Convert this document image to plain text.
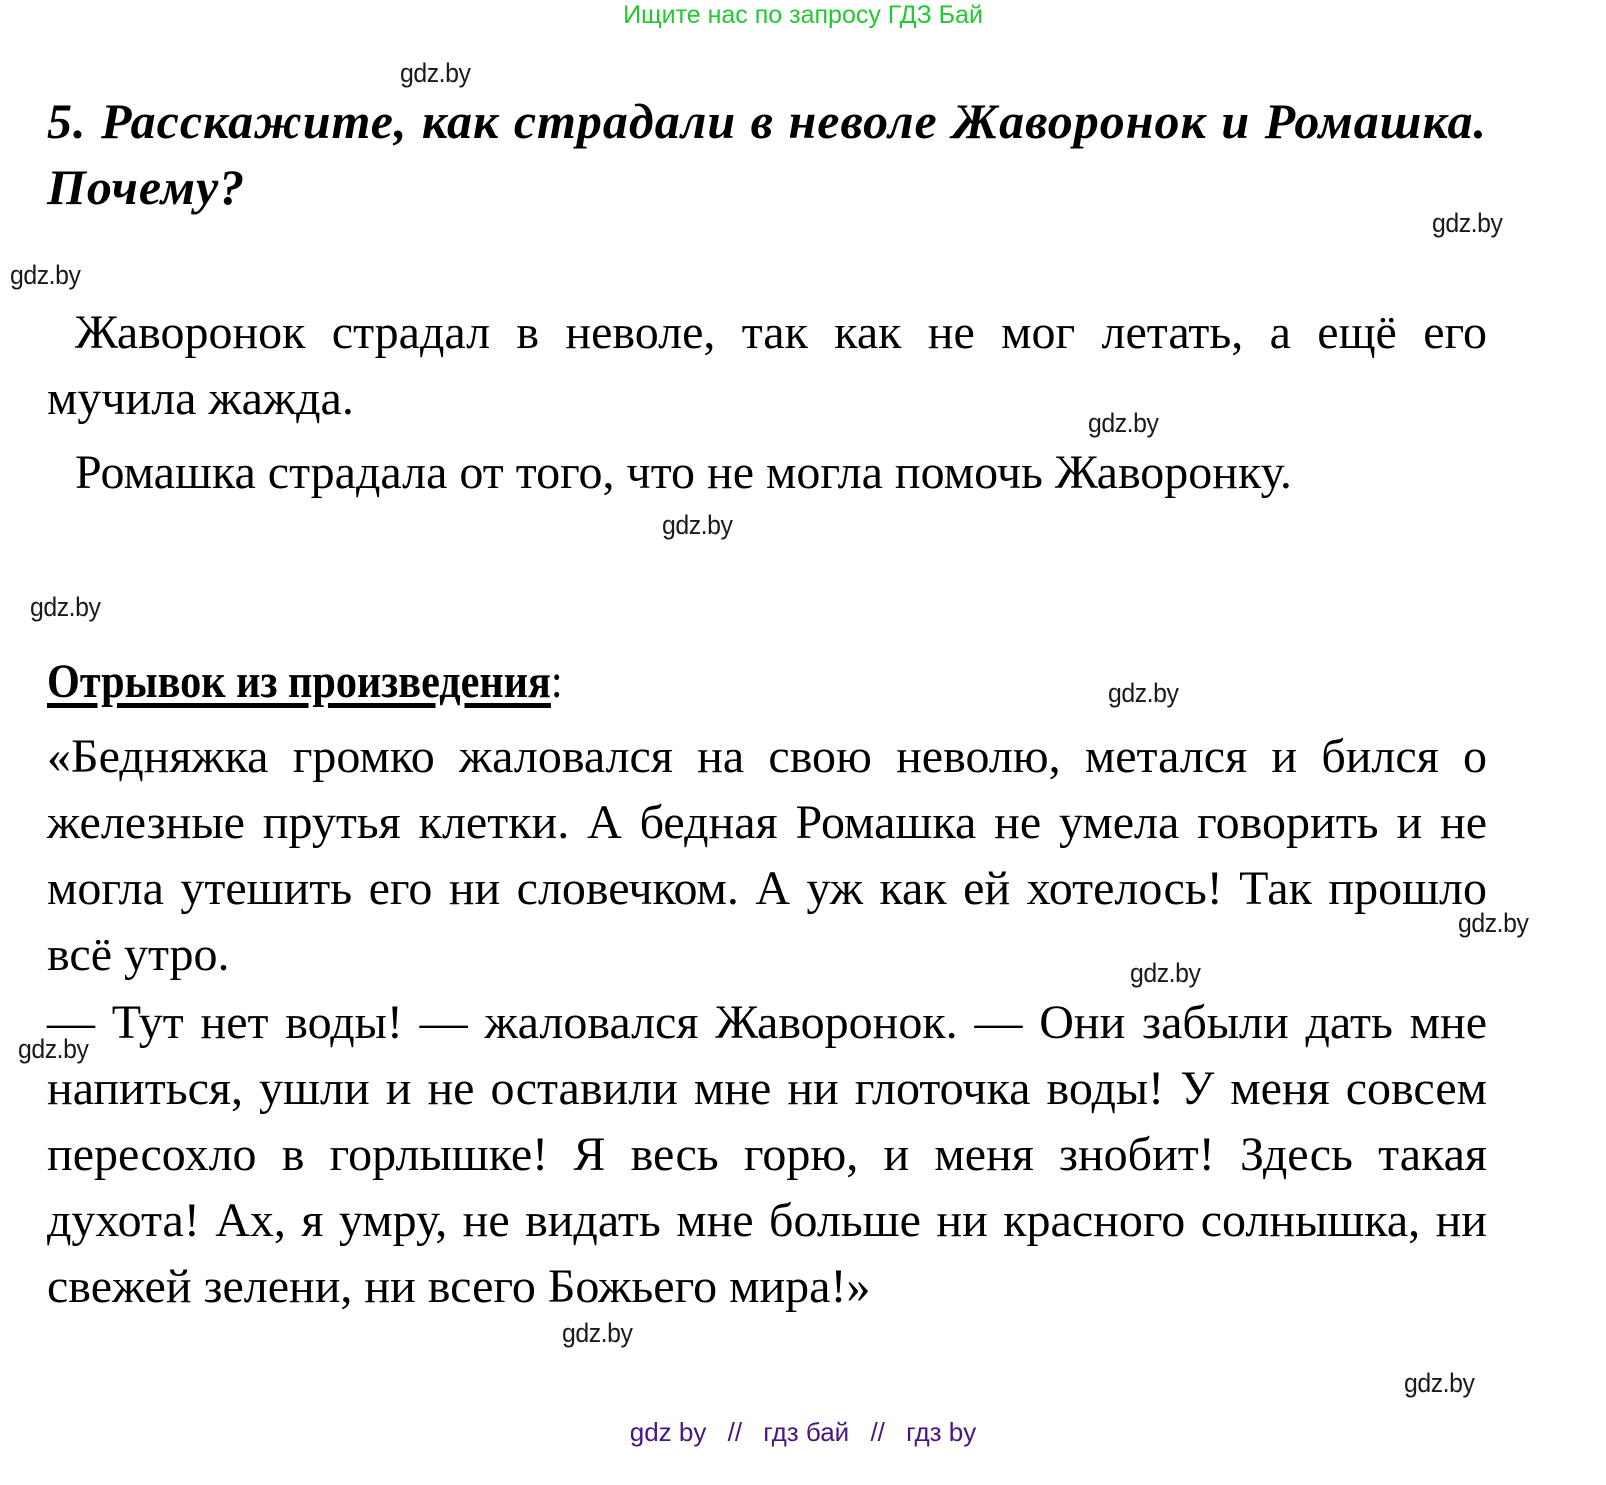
Ищите нас по запросу ГДЗ Бай
5. Расскажите, как страдали в неволе Жаворонок и Ромашка. Почему?

Жаворонок страдал в неволе, так как не мог летать, а ещё его мучила жажда.

Ромашка страдала от того, что не могла помочь Жаворонку.

Отрывок из произведения:

«Бедняжка громко жаловался на свою неволю, метался и бился о железные прутья клетки. А бедная Ромашка не умела говорить и не могла утешить его ни словечком. А уж как ей хотелось! Так прошло всё утро.

— Тут нет воды! — жаловался Жаворонок. — Они забыли дать мне напиться, ушли и не оставили мне ни глоточка воды! У меня совсем пересохло в горлышке! Я весь горю, и меня знобит! Здесь такая духота! Ах, я умру, не видать мне больше ни красного солнышка, ни свежей зелени, ни всего Божьего мира!»

gdz.by
gdz.by
gdz.by
gdz.by
gdz.by
gdz.by
gdz.by
gdz.by
gdz.by
gdz.by
gdz.by
gdz.by
gdz by // гдз бай // гдз by
